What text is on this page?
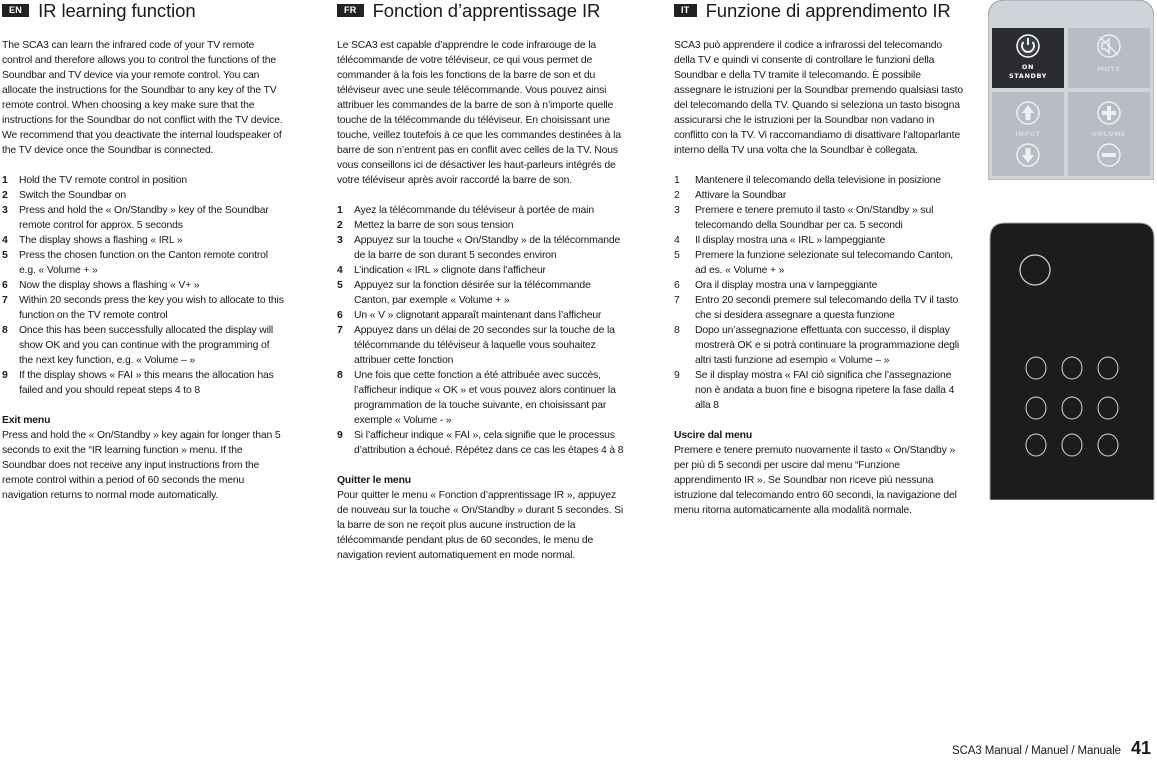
EN IR learning function

The SCA3 can learn the infrared code of your TV remote control and therefore allows you to control the functions of the Soundbar and TV device via your remote control. You can allocate the instructions for the Soundbar to any key of the TV remote control. When choosing a key make sure that the instructions for the Soundbar do not conflict with the TV device. We recommend that you deactivate the internal loudspeaker of the TV device once the Soundbar is connected.

1	Hold the TV remote control in position
2	Switch the Soundbar on
3	Press and hold the « On/Standby » key of the Soundbar remote control for approx. 5 seconds
4	The display shows a flashing « IRL »
5	Press the chosen function on the Canton remote control e.g. « Volume + »
6	Now the display shows a flashing « V+ »
7	Within 20 seconds press the key you wish to allocate to this function on the TV remote control
8	Once this has been successfully allocated the display will show OK and you can continue with the programming of the next key function, e.g. « Volume – »
9	If the display shows « FAI » this means the allocation has failed and you should repeat steps 4 to 8

Exit menu

Press and hold the « On/Standby » key again for longer than 5 seconds to exit the “IR learning function » menu. If the Soundbar does not receive any input instructions from the remote control within a period of 60 seconds the menu navigation returns to normal mode automatically.

FR Fonction d’apprentissage IR

Le SCA3 est capable d’apprendre le code infrarouge de la télécommande de votre téléviseur, ce qui vous permet de commander à la fois les fonctions de la barre de son et du téléviseur avec une seule télécommande. Vous pouvez ainsi attribuer les commandes de la barre de son à n’importe quelle touche de la télécommande du téléviseur. En choisissant une touche, veillez toutefois à ce que les commandes destinées à la barre de son n’entrent pas en conflit avec celles de la TV. Nous vous conseillons ici de désactiver les haut-parleurs intégrés de votre téléviseur après avoir raccordé la barre de son.

1	Ayez la télécommande du téléviseur à portée de main
2	Mettez la barre de son sous tension
3	Appuyez sur la touche « On/Standby » de la télécommande de la barre de son durant 5 secondes environ
4	L’indication « IRL » clignote dans l’afficheur
5	Appuyez sur la fonction désirée sur la télécommande Canton, par exemple « Volume + »
6	Un « V » clignotant apparaît maintenant dans l’afficheur
7	Appuyez dans un délai de 20 secondes sur la touche de la télécommande du téléviseur à laquelle vous souhaitez attribuer cette fonction
8	Une fois que cette fonction a été attribuée avec succès, l’afficheur indique « OK » et vous pouvez alors continuer la programmation de la touche suivante, en choisissant par exemple « Volume - »
9	Si l’afficheur indique « FAI », cela signifie que le processus d’attribution a échoué. Répétez dans ce cas les étapes 4 à 8

Quitter le menu

Pour quitter le menu « Fonction d’apprentissage IR », appuyez de nouveau sur la touche « On/Standby » durant 5 secondes. Si la barre de son ne reçoit plus aucune instruction de la télécommande pendant plus de 60 secondes, le menu de navigation revient automatiquement en mode normal.

IT Funzione di apprendimento IR

SCA3 può apprendere il codice a infrarossi del telecomando della TV e quindi vi consente di controllare le funzioni della Soundbar e della TV tramite il telecomando. È possibile assegnare le istruzioni per la Soundbar premendo qualsiasi tasto del telecomando della TV. Quando si seleziona un tasto bisogna assicurarsi che le istruzioni per la Soundbar non vadano in conflitto con la TV. Vi raccomandiamo di disattivare l’altoparlante interno della TV una volta che la Soundbar è collegata.

1	Mantenere il telecomando della televisione in posizione
2	Attivare la Soundbar
3	Premere e tenere premuto il tasto « On/Standby » sul telecomando della Soundbar per ca. 5 secondi
4	Il display mostra una « IRL » lampeggiante
5	Premere la funzione selezionate sul telecomando Canton, ad es. « Volume + »
6	Ora il display mostra una v lampeggiante
7	Entro 20 secondi premere sul telecomando della TV il tasto che si desidera assegnare a questa funzione
8	Dopo un’assegnazione effettuata con successo, il display mostrerà OK e si potrà continuare la programmazione degli altri tasti funzione ad esempio « Volume – »
9	Se il display mostra « FAI ciò significa che l’assegnazione non è andata a buon fine e bisogna ripetere la fase dalla 4 alla 8

Uscire dal menu

Premere e tenere premuto nuovamente il tasto « On/Standby » per più di 5 secondi per uscire dal menu “Funzione apprendimento IR ». Se Soundbar non riceve più nessuna istruzione dal telecomando entro 60 secondi, la navigazione del menu ritorna automaticamente alla modalità normale.

ON
STANDBY
MUTE
INPUT	VOLUME
SCA3 Manual / Manuel / Manuale 41
